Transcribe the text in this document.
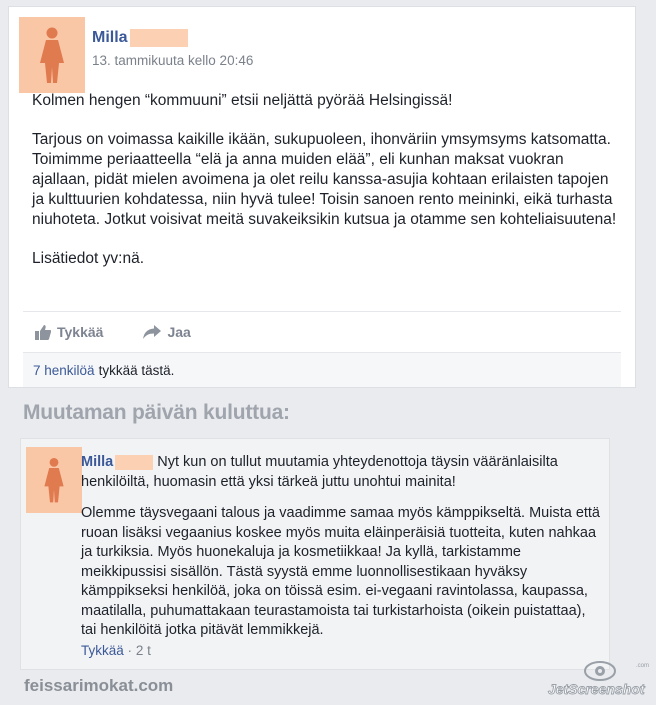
Milla
13. tammikuuta kello 20:46

Kolmen hengen “kommuuni” etsii neljättä pyörää Helsingissä!

Tarjous on voimassa kaikille ikään, sukupuoleen, ihonväriin ymsymsyms katsomatta. Toimimme periaatteella “elä ja anna muiden elää”, eli kunhan maksat vuokran ajallaan, pidät mielen avoimena ja olet reilu kanssa-asujia kohtaan erilaisten tapojen ja kulttuurien kohdatessa, niin hyvä tulee! Toisin sanoen rento meininki, eikä turhasta niuhoteta. Jotkut voisivat meitä suvakeiksikin kutsua ja otamme sen kohteliaisuutena!

Lisätiedot yv:nä.

Tykkää	Jaa
7 henkilöä tykkää tästä.
Muutaman päivän kuluttua:
Milla	Nyt kun on tullut muutamia yhteydenottoja täysin vääränlaisilta henkilöiltä, huomasin että yksi tärkeä juttu unohtui mainita!
Olemme täysvegaani talous ja vaadimme samaa myös kämppikseltä. Muista että ruoan lisäksi vegaanius koskee myös muita eläinperäisiä tuotteita, kuten nahkaa ja turkiksia. Myös huonekaluja ja kosmetiikkaa! Ja kyllä, tarkistamme meikkipussisi sisällön. Tästä syystä emme luonnollisestikaan hyväksy kämppikseksi henkilöä, joka on töissä esim. ei-vegaani ravintolassa, kaupassa, maatilalla, puhumattakaan teurastamoista tai turkistarhoista (oikein puistattaa), tai henkilöitä jotka pitävät lemmikkejä.
Tykkää · 2 t
feissarimokat.com
.com
JetScreenshot
